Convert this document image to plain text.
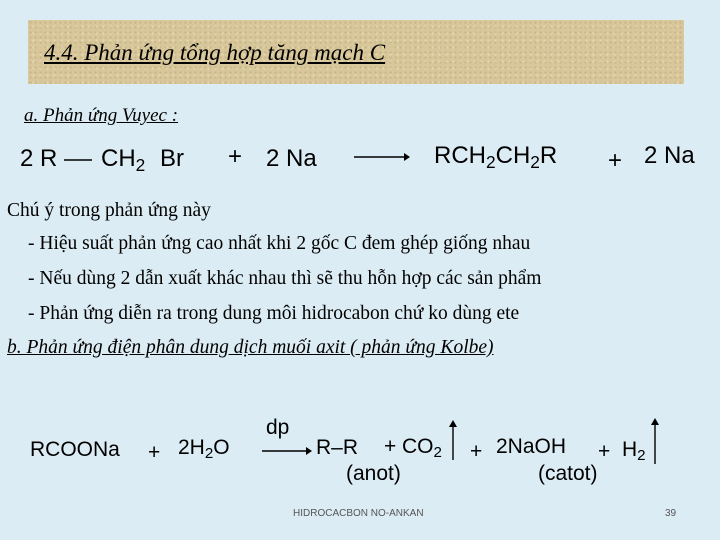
4.4. Phản ứng tổng hợp tăng mạch C
a. Phản ứng Vuyec :
2 R $CH_2$ Br + 2 $Na \to RCH_2CH_2R + 2$ Na
Chú ý trong phản ứng này
- Hiệu suất phản ứng cao nhất khi 2 gốc C đem ghép giống nhau
- Nếu dùng 2 dẫn xuất khác nhau thì sẽ thu hỗn hợp các sản phẩm
- Phản ứng diễn ra trong dung môi hidrocabon chứ ko dùng ete
b. Phản ứng điện phân dung dịch muối axit ( phản ứng Kolbe)
RCOONa + $2H_2O$
dp
→ R–R
(anot)
+ $CO_2$ + 2NaOH
(catot)
+ $H_2$
HIDROCACBON NO-ANKAN	39
